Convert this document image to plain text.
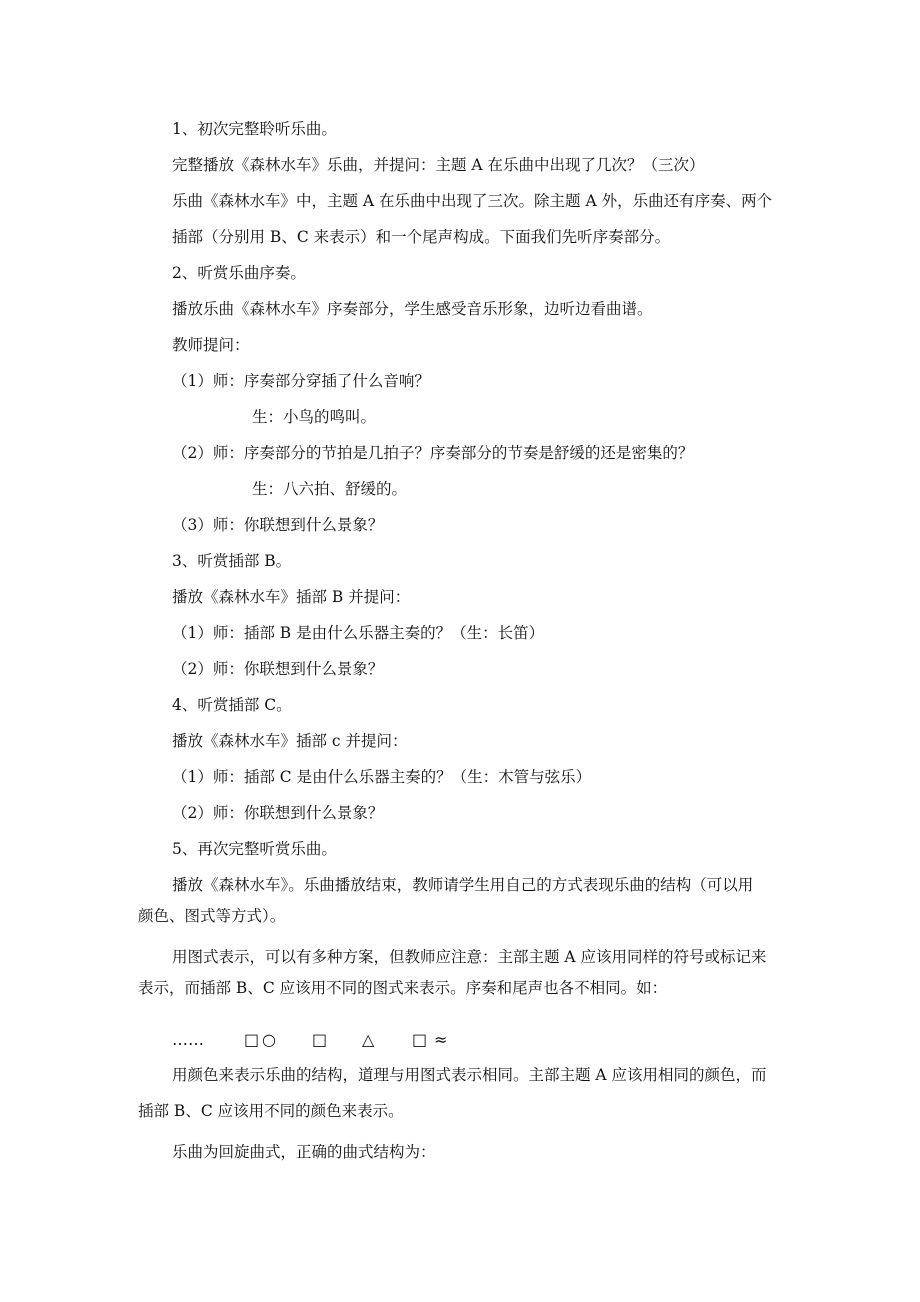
1、初次完整聆听乐曲。
完整播放《森林水车》乐曲，并提问：主题 A 在乐曲中出现了几次？（三次）
乐曲《森林水车》中，主题 A 在乐曲中出现了三次。除主题 A 外，乐曲还有序奏、两个
插部（分别用 B、C 来表示）和一个尾声构成。下面我们先听序奏部分。
2、听赏乐曲序奏。
播放乐曲《森林水车》序奏部分，学生感受音乐形象，边听边看曲谱。
教师提问：
（1）师：序奏部分穿插了什么音响？
生：小鸟的鸣叫。
（2）师：序奏部分的节拍是几拍子？序奏部分的节奏是舒缓的还是密集的？
生：八六拍、舒缓的。
（3）师：你联想到什么景象？
3、听赏插部 B。
播放《森林水车》插部 B 并提问：
（1）师：插部 B 是由什么乐器主奏的？（生：长笛）
（2）师：你联想到什么景象？
4、听赏插部 C。
播放《森林水车》插部 c 并提问：
（1）师：插部 C 是由什么乐器主奏的？（生：木管与弦乐）
（2）师：你联想到什么景象？
5、再次完整听赏乐曲。
播放《森林水车》。乐曲播放结束，教师请学生用自己的方式表现乐曲的结构（可以用
颜色、图式等方式）。
用图式表示，可以有多种方案，但教师应注意：主部主题 A 应该用同样的符号或标记来
表示，而插部 B、C 应该用不同的图式来表示。序奏和尾声也各不相同。如：
……	□ ○ □ △ □ ≈
用颜色来表示乐曲的结构，道理与用图式表示相同。主部主题 A 应该用相同的颜色，而
插部 B、C 应该用不同的颜色来表示。
乐曲为回旋曲式，正确的曲式结构为：
